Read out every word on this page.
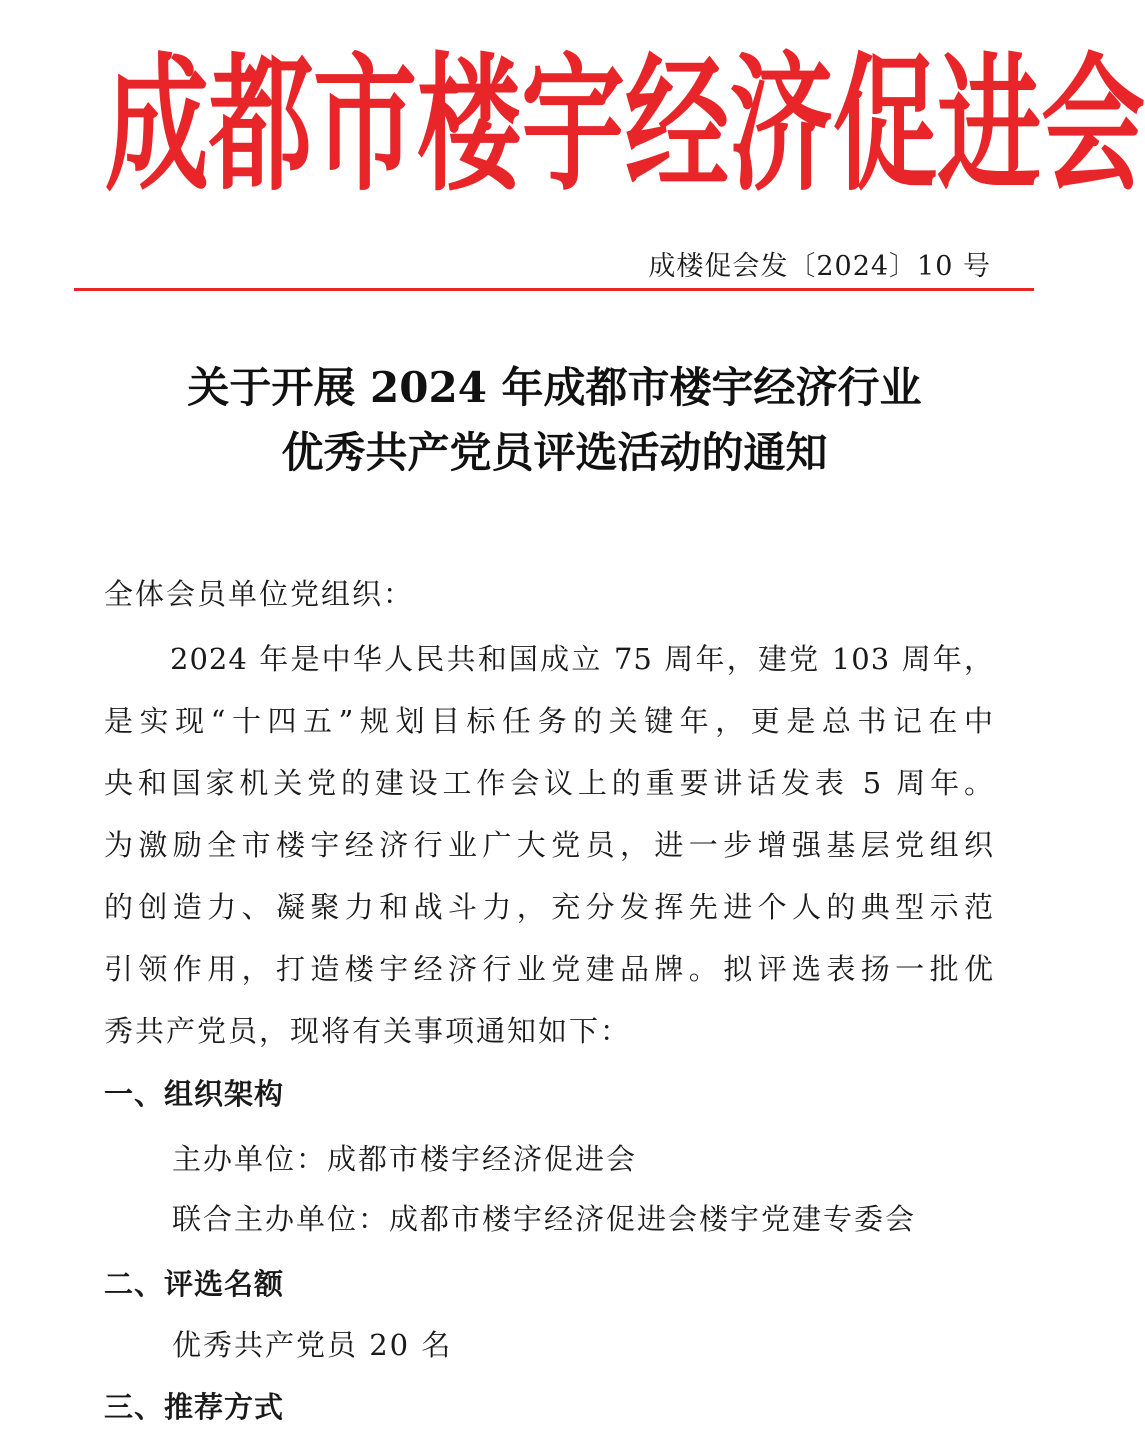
成 都 市 楼 宇 经 济 促 进 会
成楼促会发〔2024〕10 号
关于开展 2024 年成都市楼宇经济行业
优秀共产党员评选活动的通知
全体会员单位党组织：
2024 年是中华人民共和国成立 75 周年，建党 103 周年，
是实现“十四五”规划目标任务的关键年，更是总书记在中
央和国家机关党的建设工作会议上的重要讲话发表 5 周年。
为激励全市楼宇经济行业广大党员，进一步增强基层党组织
的创造力、凝聚力和战斗力，充分发挥先进个人的典型示范
引领作用，打造楼宇经济行业党建品牌。拟评选表扬一批优
秀共产党员，现将有关事项通知如下：
一、组织架构
主办单位：成都市楼宇经济促进会
联合主办单位：成都市楼宇经济促进会楼宇党建专委会
二、评选名额
优秀共产党员 20 名
三、推荐方式
